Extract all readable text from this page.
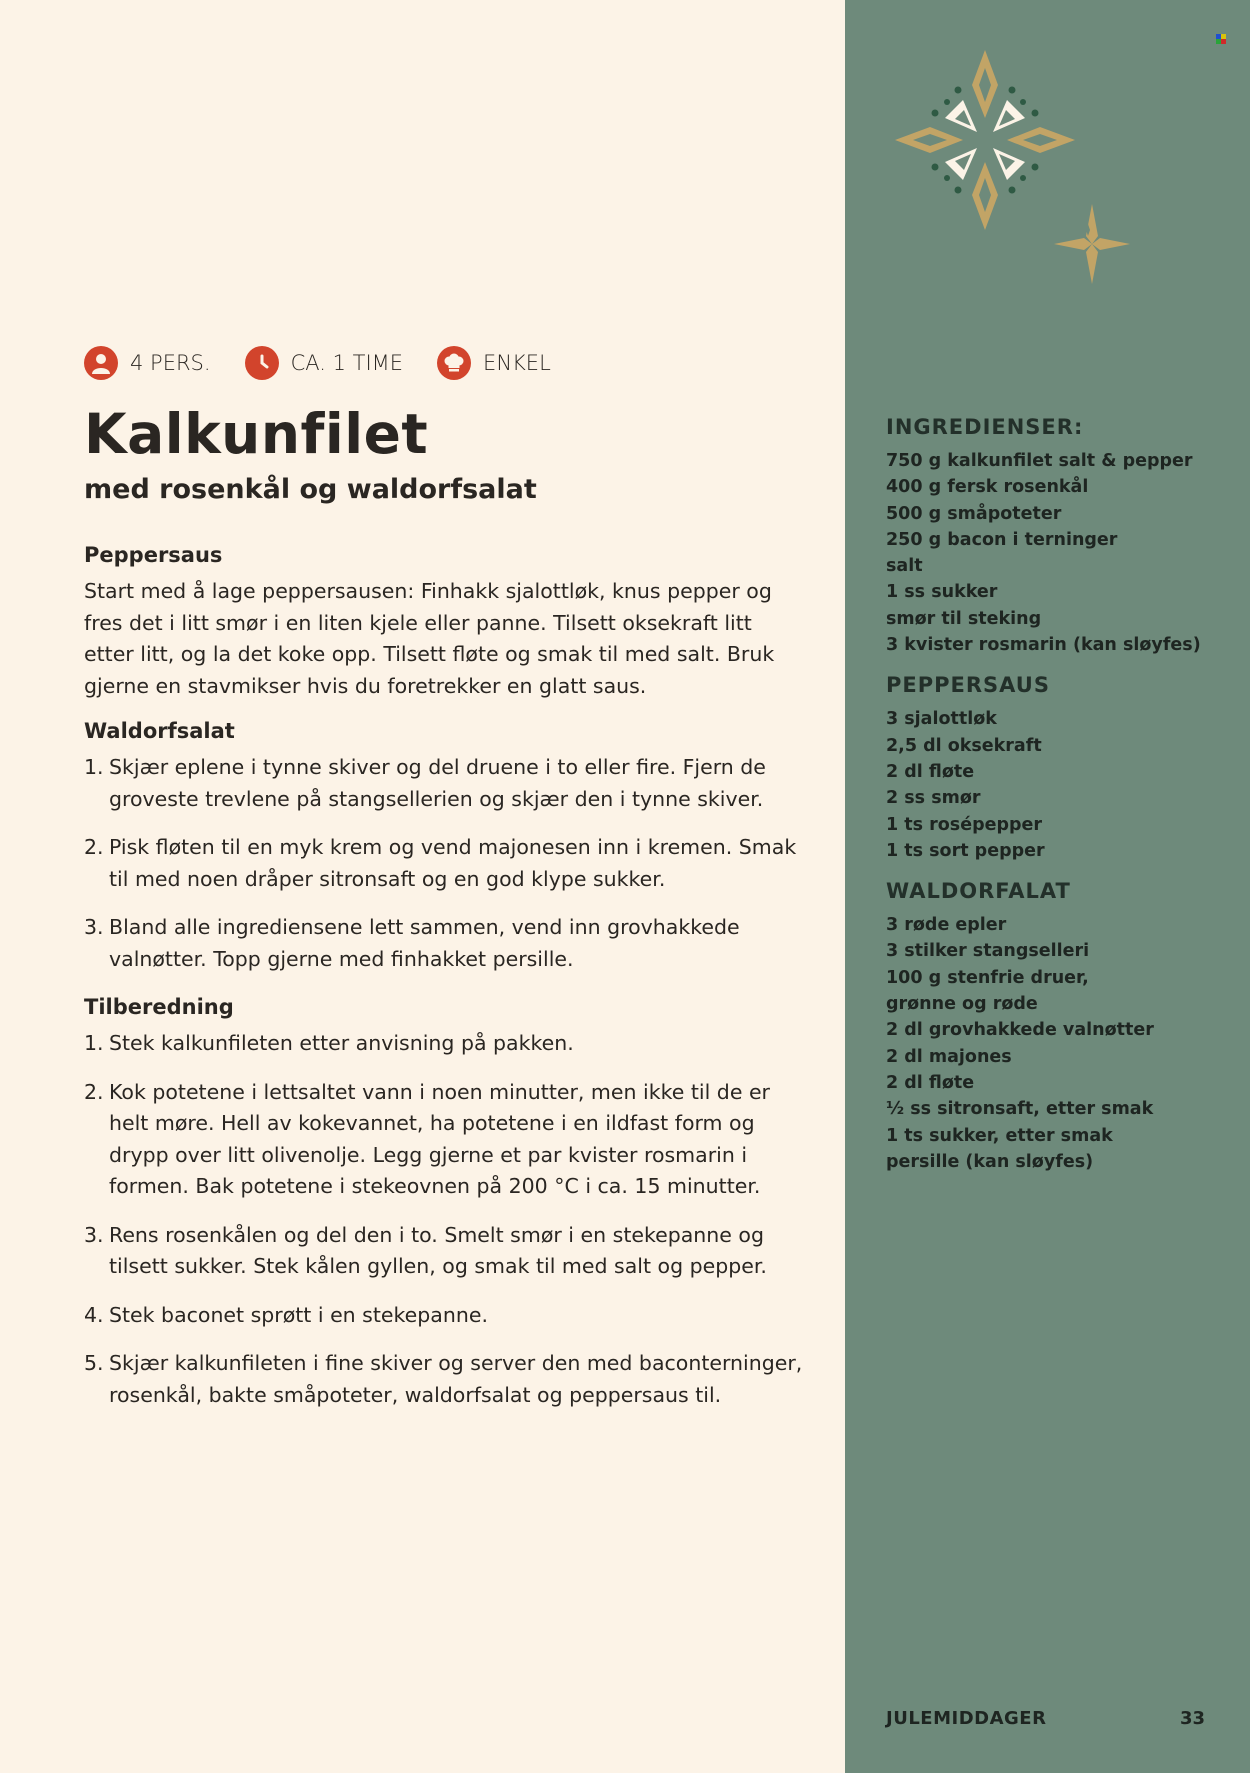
4 PERS.	CA. 1 TIME	ENKEL
Kalkunfilet
med rosenkål og waldorfsalat
Peppersaus

Start med å lage peppersausen: Finhakk sjalottløk, knus pepper og fres det i litt smør i en liten kjele eller panne. Tilsett oksekraft litt etter litt, og la det koke opp. Tilsett fløte og smak til med salt. Bruk gjerne en stavmikser hvis du foretrekker en glatt saus.

Waldorfsalat
1. Skjær eplene i tynne skiver og del druene i to eller fire. Fjern de groveste trevlene på stangsellerien og skjær den i tynne skiver.
2. Pisk fløten til en myk krem og vend majonesen inn i kremen. Smak til med noen dråper sitronsaft og en god klype sukker.
3. Bland alle ingrediensene lett sammen, vend inn grovhakkede valnøtter. Topp gjerne med finhakket persille.
Tilberedning
1. Stek kalkunfileten etter anvisning på pakken.
2. Kok potetene i lettsaltet vann i noen minutter, men ikke til de er helt møre. Hell av kokevannet, ha potetene i en ildfast form og drypp over litt olivenolje. Legg gjerne et par kvister rosmarin i formen. Bak potetene i stekeovnen på 200 °C i ca. 15 minutter.
3. Rens rosenkålen og del den i to. Smelt smør i en stekepanne og tilsett sukker. Stek kålen gyllen, og smak til med salt og pepper.
4. Stek baconet sprøtt i en stekepanne.
5. Skjær kalkunfileten i fine skiver og server den med baconterninger, rosenkål, bakte småpoteter, waldorfsalat og peppersaus til.
INGREDIENSER:
750 g kalkunfilet salt & pepper
400 g fersk rosenkål
500 g småpoteter
250 g bacon i terninger
salt
1 ss sukker
smør til steking
3 kvister rosmarin (kan sløyfes)
PEPPERSAUS
3 sjalottløk
2,5 dl oksekraft
2 dl fløte
2 ss smør
1 ts rosépepper
1 ts sort pepper
WALDORFALAT
3 røde epler
3 stilker stangselleri
100 g stenfrie druer,
grønne og røde
2 dl grovhakkede valnøtter
2 dl majones
2 dl fløte
½ ss sitronsaft, etter smak
1 ts sukker, etter smak
persille (kan sløyfes)
JULEMIDDAGER	33
